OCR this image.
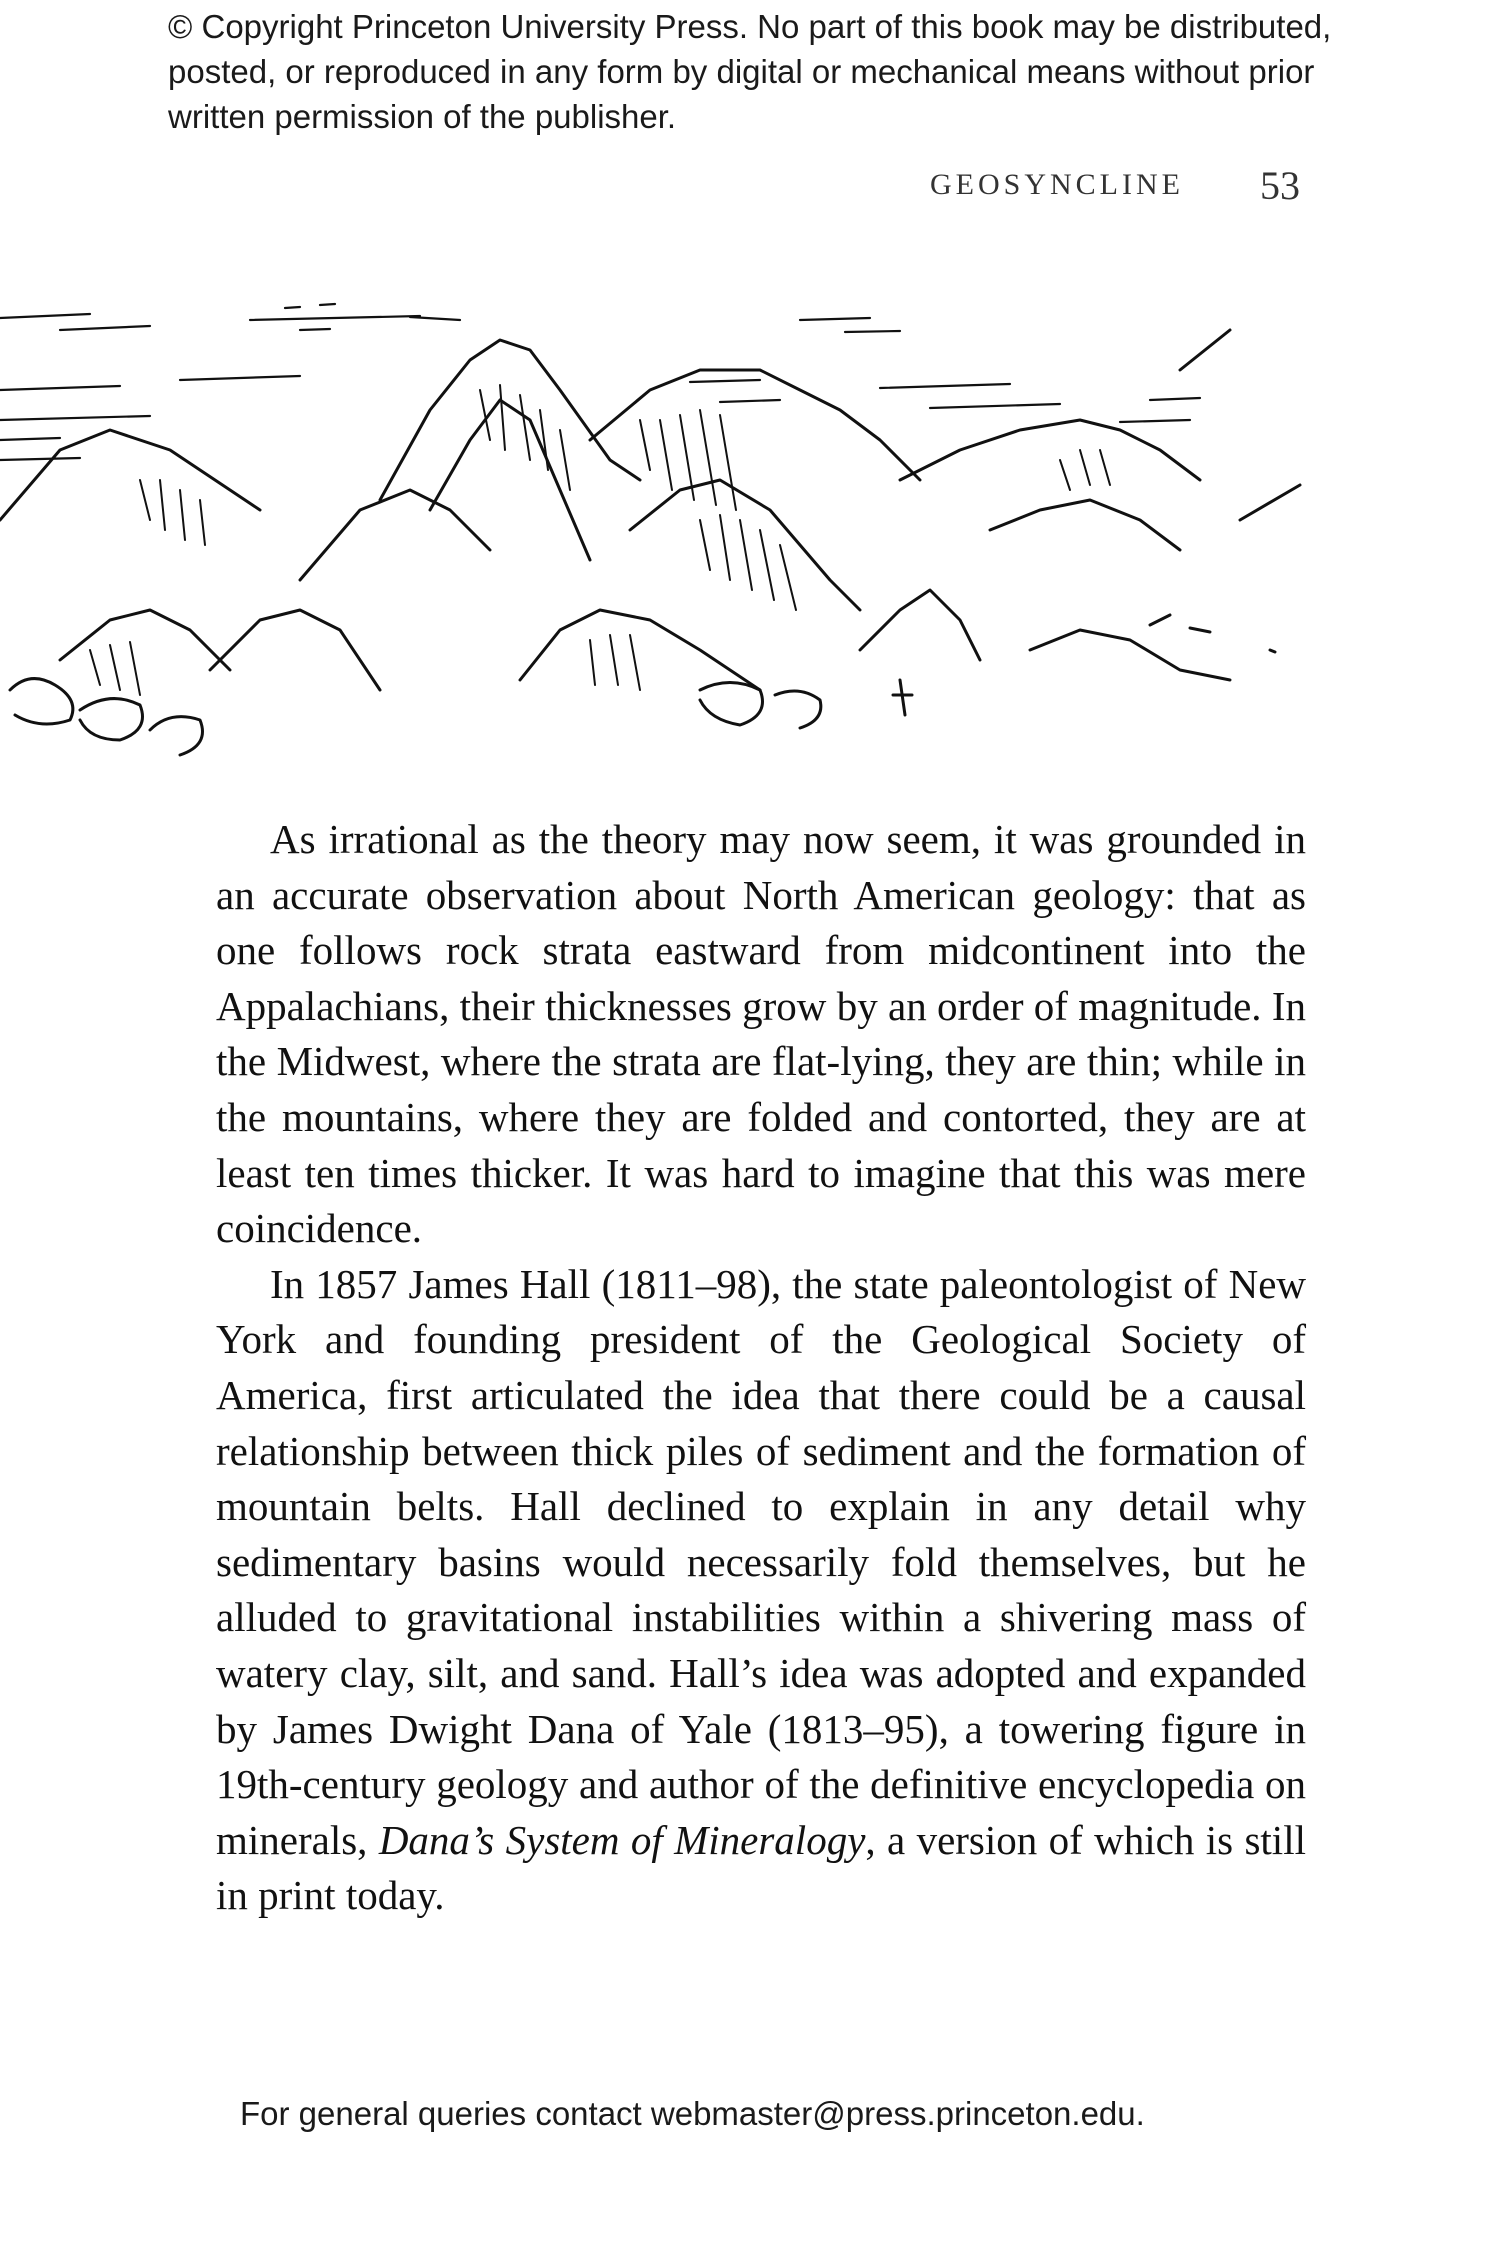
© Copyright Princeton University Press. No part of this book may be distributed, posted, or reproduced in any form by digital or mechanical means without prior written permission of the publisher.
GEOSYNCLINE 53

As irrational as the theory may now seem, it was grounded in an accurate observation about North American geology: that as one follows rock strata eastward from midcontinent into the Appalachians, their thicknesses grow by an order of magnitude. In the Midwest, where the strata are flat-lying, they are thin; while in the mountains, where they are folded and contorted, they are at least ten times thicker. It was hard to imagine that this was mere coincidence.

In 1857 James Hall (1811–98), the state paleontologist of New York and founding president of the Geological Society of America, first articulated the idea that there could be a causal relationship between thick piles of sediment and the formation of mountain belts. Hall declined to explain in any detail why sedimentary basins would necessarily fold themselves, but he alluded to gravitational instabilities within a shivering mass of watery clay, silt, and sand. Hall’s idea was adopted and expanded by James Dwight Dana of Yale (1813–95), a towering figure in 19th-century geology and author of the definitive encyclopedia on minerals, Dana’s System of Mineralogy, a version of which is still in print today.

For general queries contact webmaster@press.princeton.edu.
